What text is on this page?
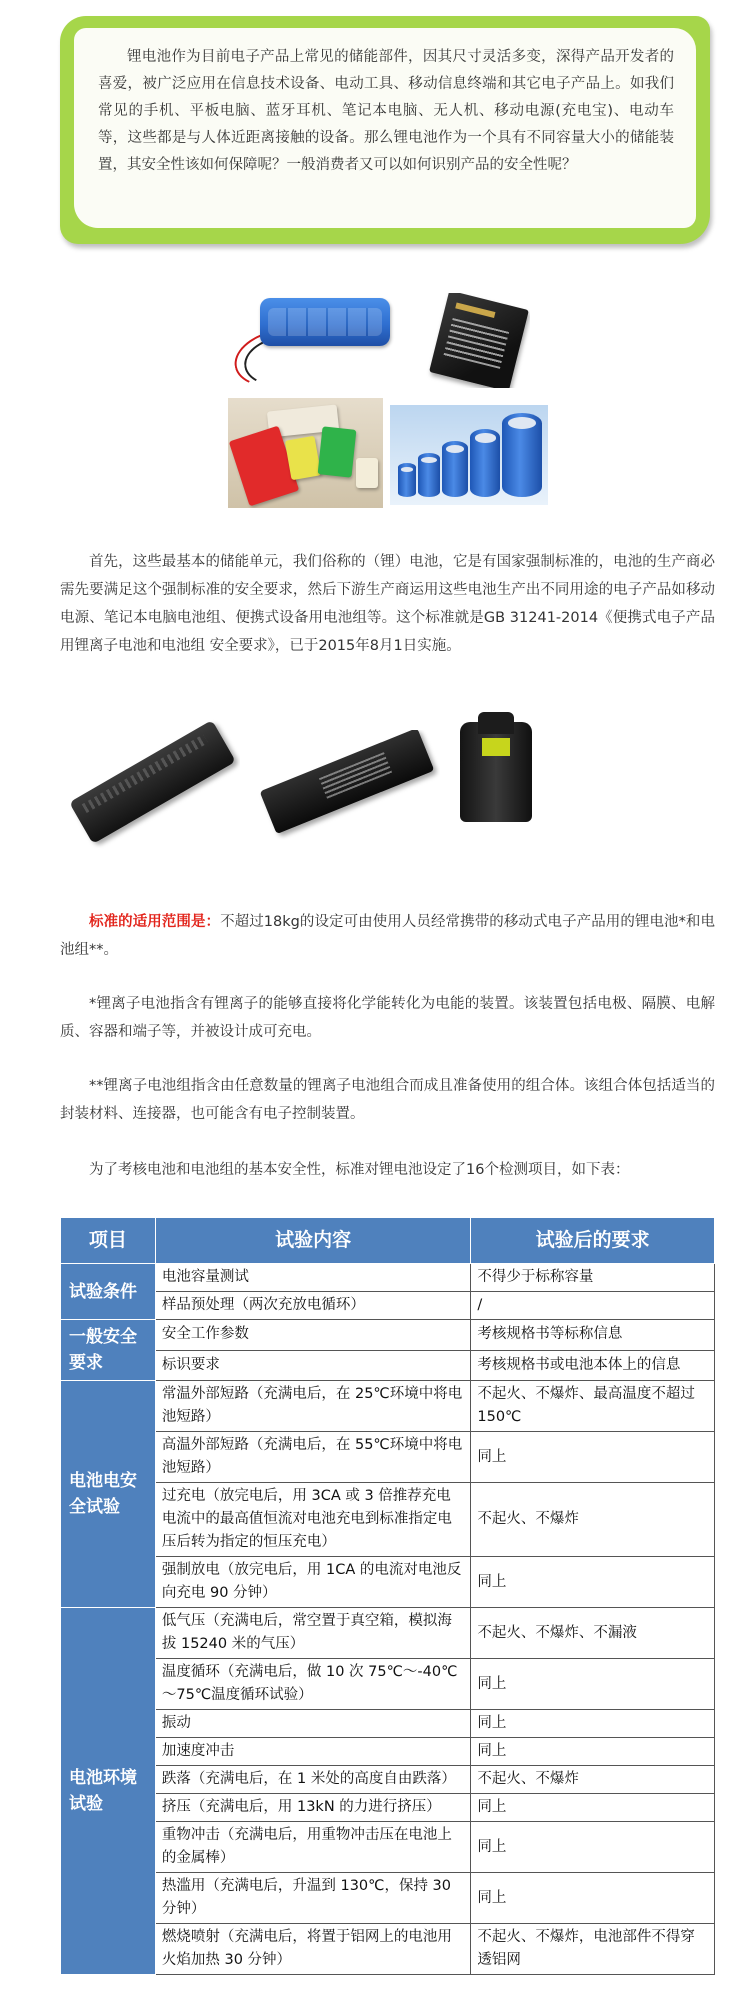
锂电池作为目前电子产品上常见的储能部件，因其尺寸灵活多变，深得产品开发者的喜爱，被广泛应用在信息技术设备、电动工具、移动信息终端和其它电子产品上。如我们常见的手机、平板电脑、蓝牙耳机、笔记本电脑、无人机、移动电源(充电宝)、电动车等，这些都是与人体近距离接触的设备。那么锂电池作为一个具有不同容量大小的储能装置，其安全性该如何保障呢？一般消费者又可以如何识别产品的安全性呢？

首先，这些最基本的储能单元，我们俗称的（锂）电池，它是有国家强制标准的，电池的生产商必需先要满足这个强制标准的安全要求，然后下游生产商运用这些电池生产出不同用途的电子产品如移动电源、笔记本电脑电池组、便携式设备用电池组等。这个标准就是GB 31241-2014《便携式电子产品用锂离子电池和电池组 安全要求》，已于2015年8月1日实施。

标准的适用范围是：不超过18kg的设定可由使用人员经常携带的移动式电子产品用的锂电池*和电池组**。

*锂离子电池指含有锂离子的能够直接将化学能转化为电能的装置。该装置包括电极、隔膜、电解质、容器和端子等，并被设计成可充电。

**锂离子电池组指含由任意数量的锂离子电池组合而成且准备使用的组合体。该组合体包括适当的封装材料、连接器，也可能含有电子控制装置。

为了考核电池和电池组的基本安全性，标准对锂电池设定了16个检测项目，如下表：

项目	试验内容	试验后的要求
试验条件	电池容量测试	不得少于标称容量
	样品预处理（两次充放电循环）	/
一般安全要求	安全工作参数	考核规格书等标称信息
	标识要求	考核规格书或电池本体上的信息
电池电安全试验	常温外部短路（充满电后，在 25℃环境中将电池短路）	不起火、不爆炸、最高温度不超过 150℃
	高温外部短路（充满电后，在 55℃环境中将电池短路）	同上
	过充电（放完电后，用 3CA 或 3 倍推荐充电电流中的最高值恒流对电池充电到标准指定电压后转为指定的恒压充电）	不起火、不爆炸
	强制放电（放完电后，用 1CA 的电流对电池反向充电 90 分钟）	同上
电池环境试验	低气压（充满电后，常空置于真空箱，模拟海拔 15240 米的气压）	不起火、不爆炸、不漏液
	温度循环（充满电后，做 10 次 75℃～-40℃～75℃温度循环试验）	同上
	振动	同上
	加速度冲击	同上
	跌落（充满电后，在 1 米处的高度自由跌落）	不起火、不爆炸
	挤压（充满电后，用 13kN 的力进行挤压）	同上
	重物冲击（充满电后，用重物冲击压在电池上的金属棒）	同上
	热滥用（充满电后，升温到 130℃，保持 30 分钟）	同上
	燃烧喷射（充满电后，将置于铝网上的电池用火焰加热 30 分钟）	不起火、不爆炸，电池部件不得穿透铝网
